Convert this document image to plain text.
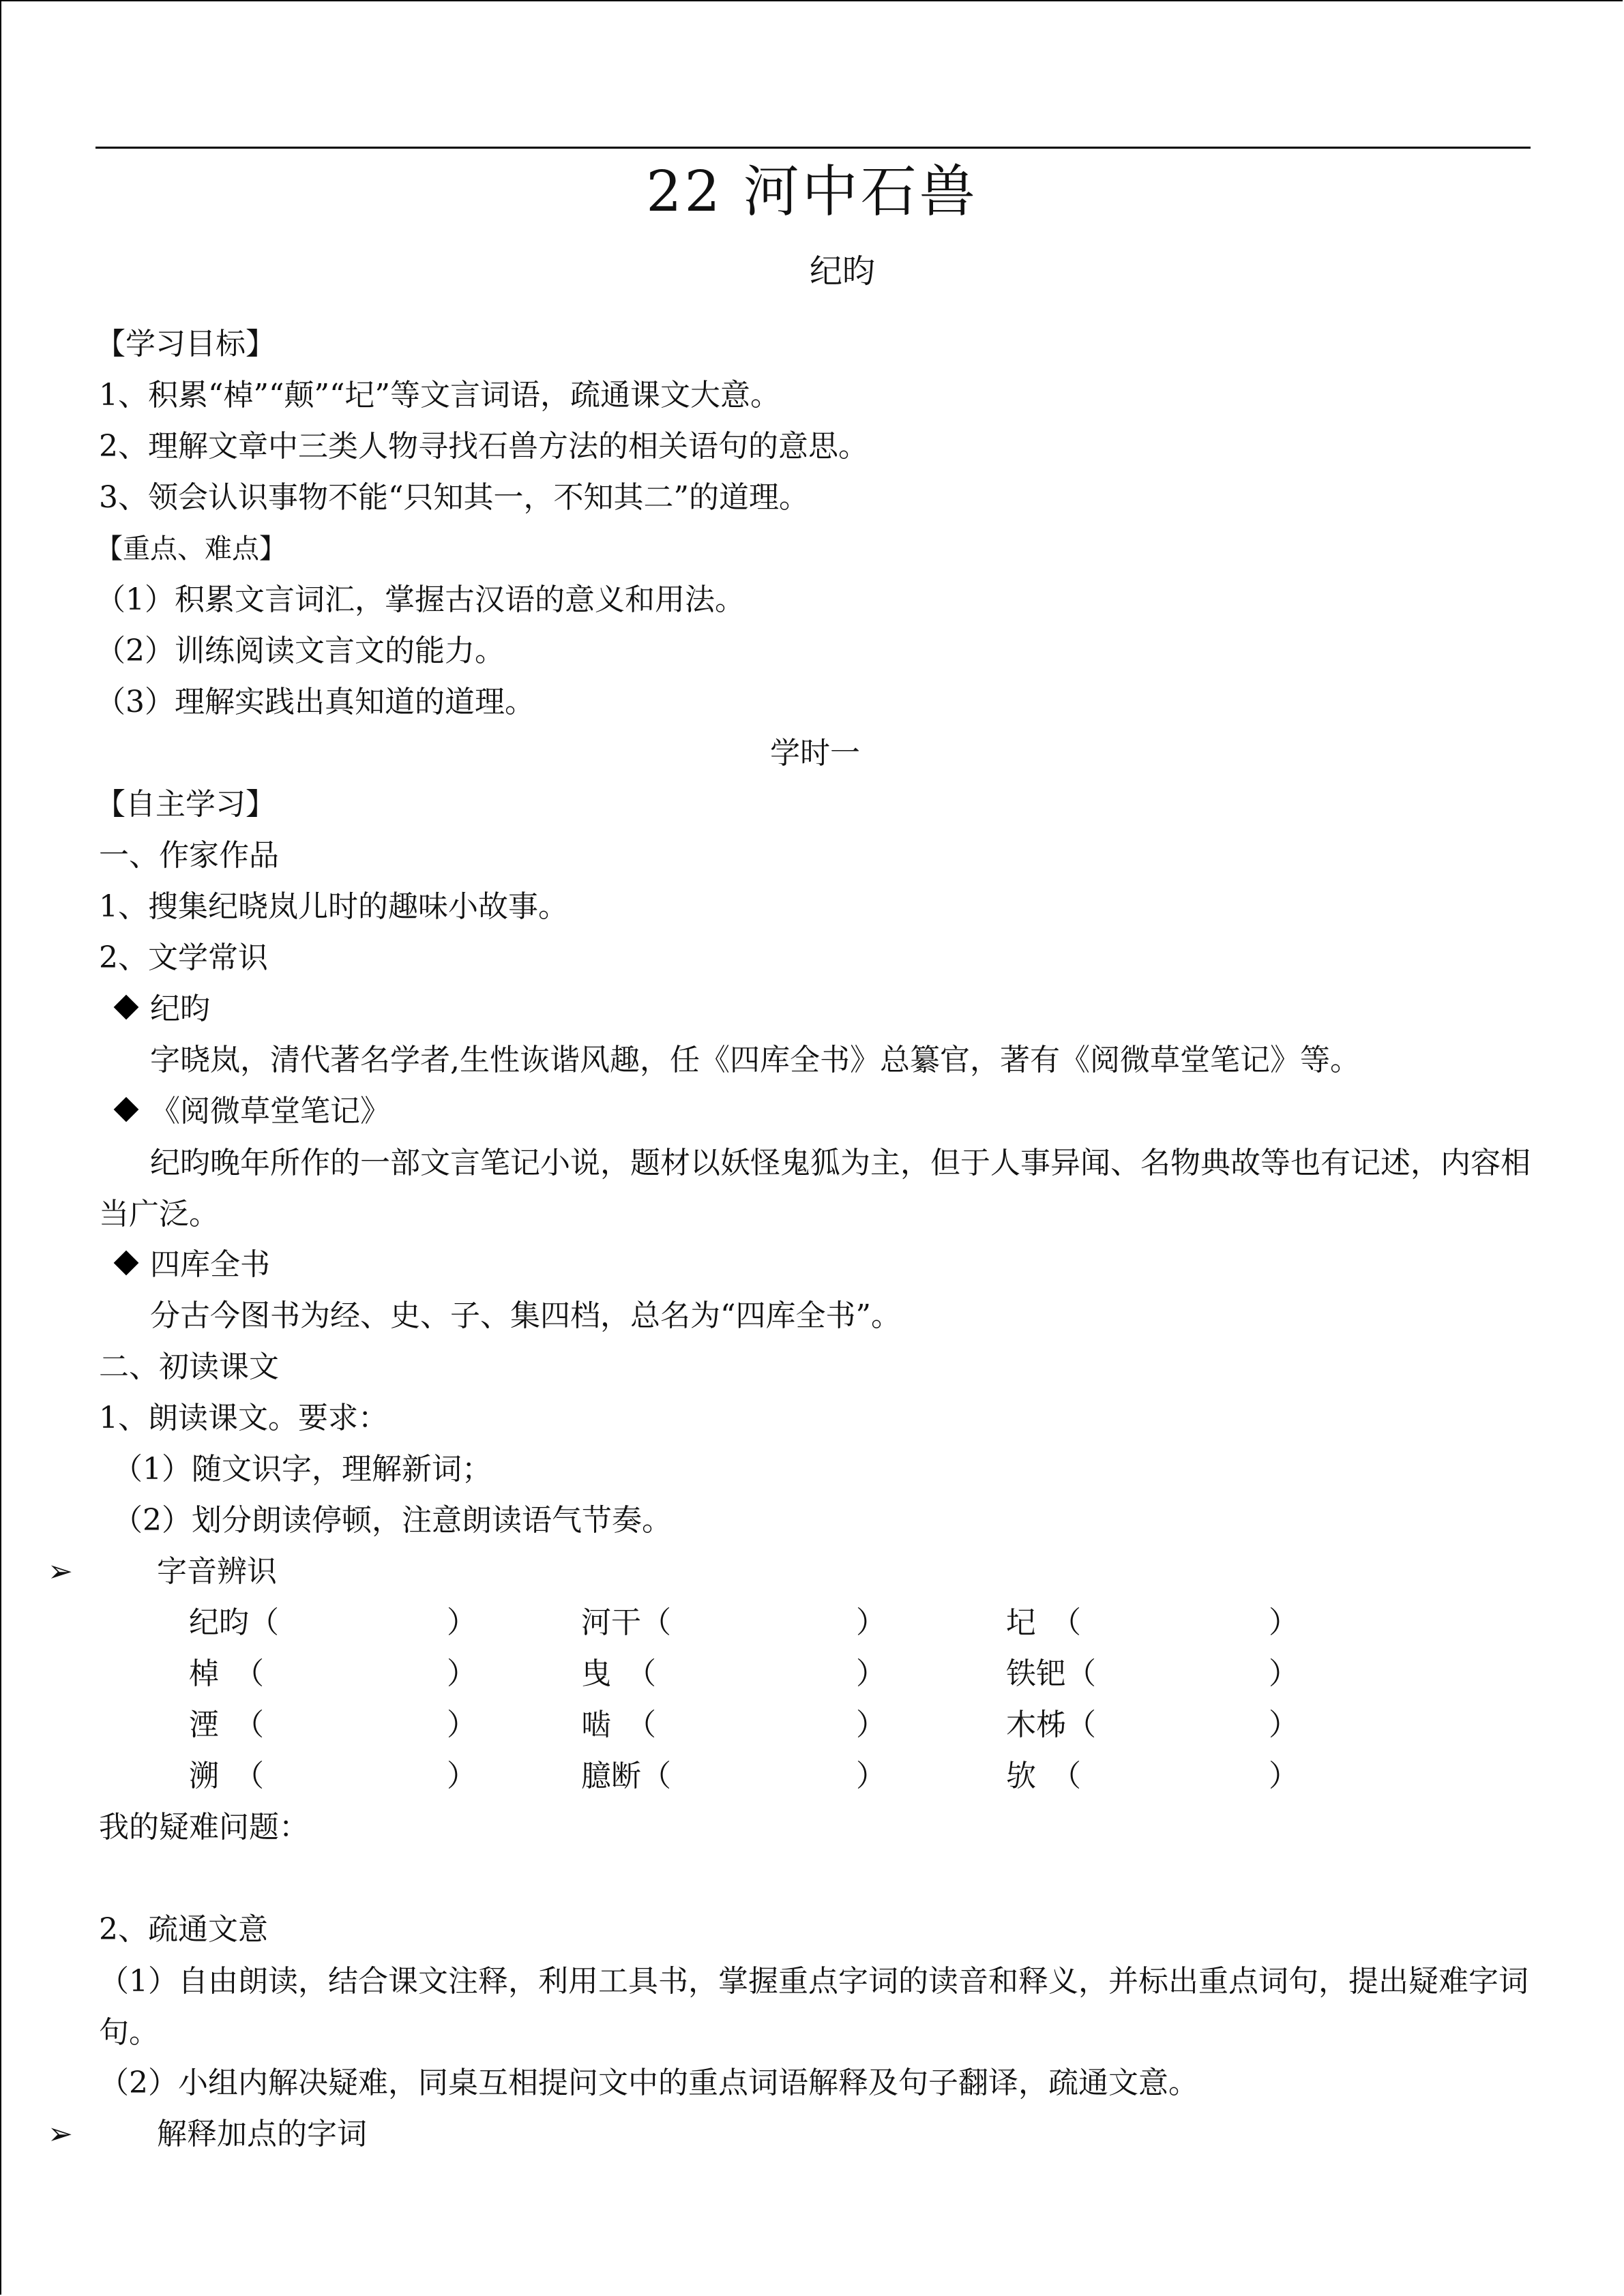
22 河中石兽
纪昀
【学习目标】
1、积累“棹”“颠”“圮”等文言词语，疏通课文大意。
2、理解文章中三类人物寻找石兽方法的相关语句的意思。
3、领会认识事物不能“只知其一，不知其二”的道理。
【重点、难点】
（1）积累文言词汇，掌握古汉语的意义和用法。
（2）训练阅读文言文的能力。
（3）理解实践出真知道的道理。
学时一
【自主学习】
一、作家作品
1、搜集纪晓岚儿时的趣味小故事。
2、文学常识
纪昀
字晓岚，清代著名学者,生性诙谐风趣，任《四库全书》总纂官，著有《阅微草堂笔记》等。
《阅微草堂笔记》
纪昀晚年所作的一部文言笔记小说，题材以妖怪鬼狐为主，但于人事异闻、名物典故等也有记述，内容相当广泛。
四库全书
分古今图书为经、史、子、集四档，总名为“四库全书”。
二、初读课文
1、朗读课文。要求：
（1）随文识字，理解新词；
（2）划分朗读停顿，注意朗读语气节奏。
➢	字音辨识
纪昀（	）	河干（	）	圮　（	）
棹　（	）	曳　（	）	铁钯（	）
湮　（	）	啮　（	）	木柹（	）
溯　（	）	臆断（	）	欤　（	）
我的疑难问题：
2、疏通文意
（1）自由朗读，结合课文注释，利用工具书，掌握重点字词的读音和释义，并标出重点词句，提出疑难字词句。
（2）小组内解决疑难，同桌互相提问文中的重点词语解释及句子翻译，疏通文意。
➢	解释加点的字词
